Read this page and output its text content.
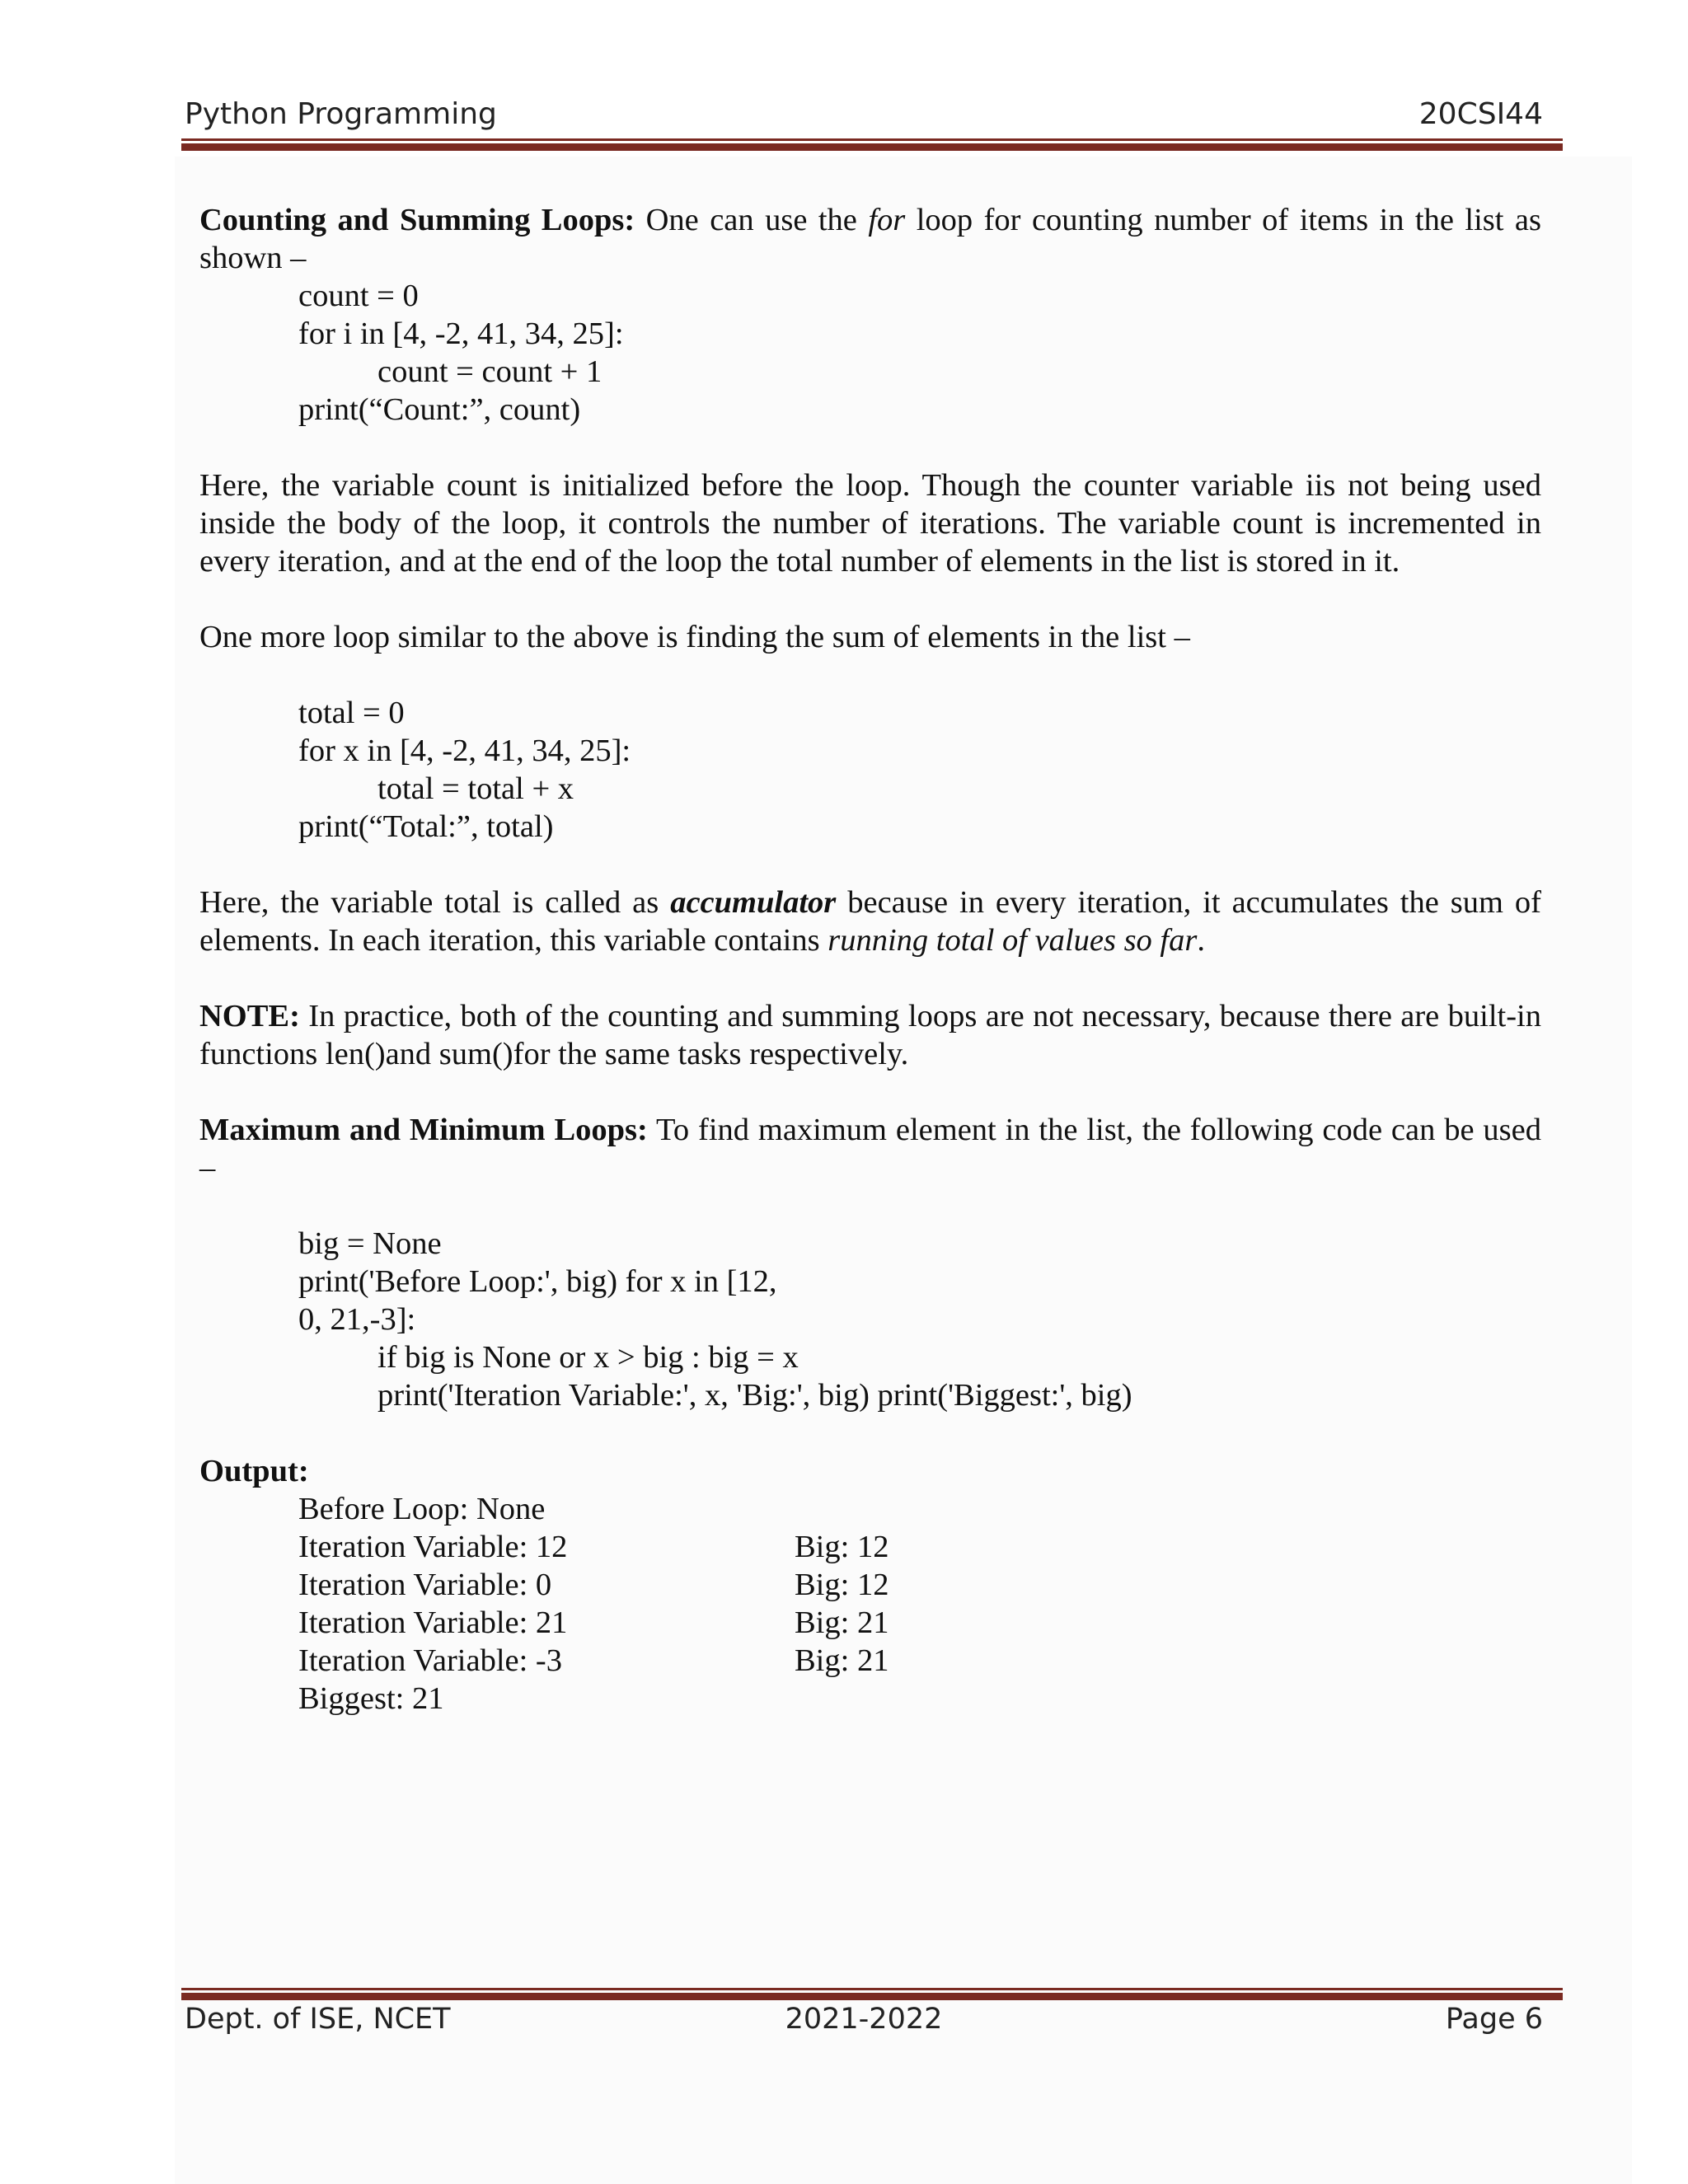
Python Programming	20CSI44

Counting and Summing Loops: One can use the for loop for counting number of items in the list as shown –

count = 0
for i in [4, -2, 41, 34, 25]:
count = count + 1
print(“Count:”, count)

Here, the variable count is initialized before the loop. Though the counter variable iis not being used inside the body of the loop, it controls the number of iterations. The variable count is incremented in every iteration, and at the end of the loop the total number of elements in the list is stored in it.

One more loop similar to the above is finding the sum of elements in the list –

total = 0
for x in [4, -2, 41, 34, 25]:
total = total + x
print(“Total:”, total)

Here, the variable total is called as accumulator because in every iteration, it accumulates the sum of elements. In each iteration, this variable contains running total of values so far.

NOTE: In practice, both of the counting and summing loops are not necessary, because there are built-in functions len()and sum()for the same tasks respectively.

Maximum and Minimum Loops: To find maximum element in the list, the following code can be used –

big = None
print('Before Loop:', big) for x in [12,
0, 21,-3]:
if big is None or x > big : big = x
print('Iteration Variable:', x, 'Big:', big) print('Biggest:', big)
Output:
Before Loop: None
Iteration Variable: 12	Big: 12
Iteration Variable: 0	Big: 12
Iteration Variable: 21	Big: 21
Iteration Variable: -3	Big: 21
Biggest: 21
Dept. of ISE, NCET	2021-2022	Page 6
